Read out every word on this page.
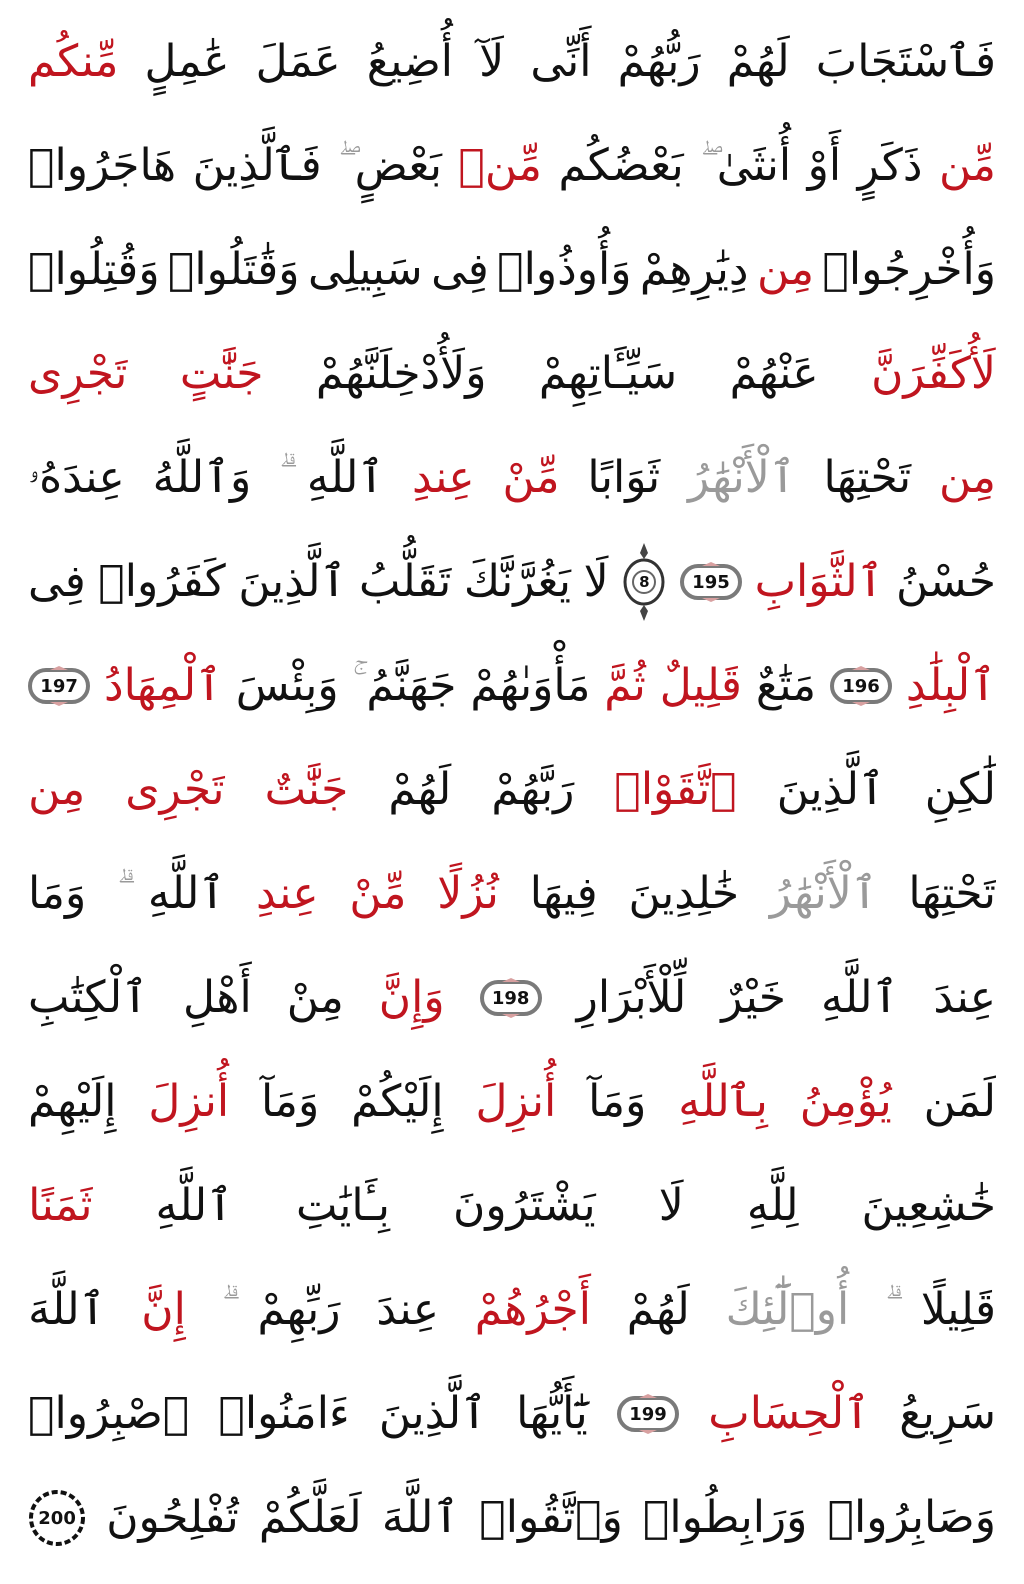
فَٱسْتَجَابَ
لَهُمْ
رَبُّهُمْ
أَنِّى
لَآ
أُضِيعُ
عَمَلَ
عَٰمِلٍ
مِّنكُم
مِّن
ذَكَرٍ
أَوْ
أُنثَىٰ
بَعْضُكُم
مِّنۢ
بَعْضٍ
فَٱلَّذِينَ
هَاجَرُوا۟
وَأُخْرِجُوا۟
مِن
دِيَٰرِهِمْ
وَأُوذُوا۟
فِى
سَبِيلِى
وَقَٰتَلُوا۟
وَقُتِلُوا۟
لَأُكَفِّرَنَّ
عَنْهُمْ
سَيِّـَٔاتِهِمْ
وَلَأُدْخِلَنَّهُمْ
جَنَّٰتٍ
تَجْرِى
مِن
تَحْتِهَا
ٱلْأَنْهَٰرُ
ثَوَابًا
مِّنْ
عِندِ
ٱللَّهِ
وَٱللَّهُ
عِندَهُۥ
حُسْنُ
ٱلثَّوَابِ
195
8
لَا
يَغُرَّنَّكَ
تَقَلُّبُ
ٱلَّذِينَ
كَفَرُوا۟
فِى
ٱلْبِلَٰدِ
196
مَتَٰعٌ
قَلِيلٌ
ثُمَّ
مَأْوَىٰهُمْ
جَهَنَّمُ
وَبِئْسَ
ٱلْمِهَادُ
197
لَٰكِنِ
ٱلَّذِينَ
ٱتَّقَوْا۟
رَبَّهُمْ
لَهُمْ
جَنَّٰتٌ
تَجْرِى
مِن
تَحْتِهَا
ٱلْأَنْهَٰرُ
خَٰلِدِينَ
فِيهَا
نُزُلًا
مِّنْ
عِندِ
ٱللَّهِ
وَمَا
عِندَ
ٱللَّهِ
خَيْرٌ
لِّلْأَبْرَارِ
198
وَإِنَّ
مِنْ
أَهْلِ
ٱلْكِتَٰبِ
لَمَن
يُؤْمِنُ
بِٱللَّهِ
وَمَآ
أُنزِلَ
إِلَيْكُمْ
وَمَآ
أُنزِلَ
إِلَيْهِمْ
خَٰشِعِينَ
لِلَّهِ
لَا
يَشْتَرُونَ
بِـَٔايَٰتِ
ٱللَّهِ
ثَمَنًا
قَلِيلًا
أُو۟لَٰٓئِكَ
لَهُمْ
أَجْرُهُمْ
عِندَ
رَبِّهِمْ
إِنَّ
ٱللَّهَ
سَرِيعُ
ٱلْحِسَابِ
199
يَٰٓأَيُّهَا
ٱلَّذِينَ
ءَامَنُوا۟
ٱصْبِرُوا۟
وَصَابِرُوا۟
وَرَابِطُوا۟
وَٱتَّقُوا۟
ٱللَّهَ
لَعَلَّكُمْ
تُفْلِحُونَ
200
